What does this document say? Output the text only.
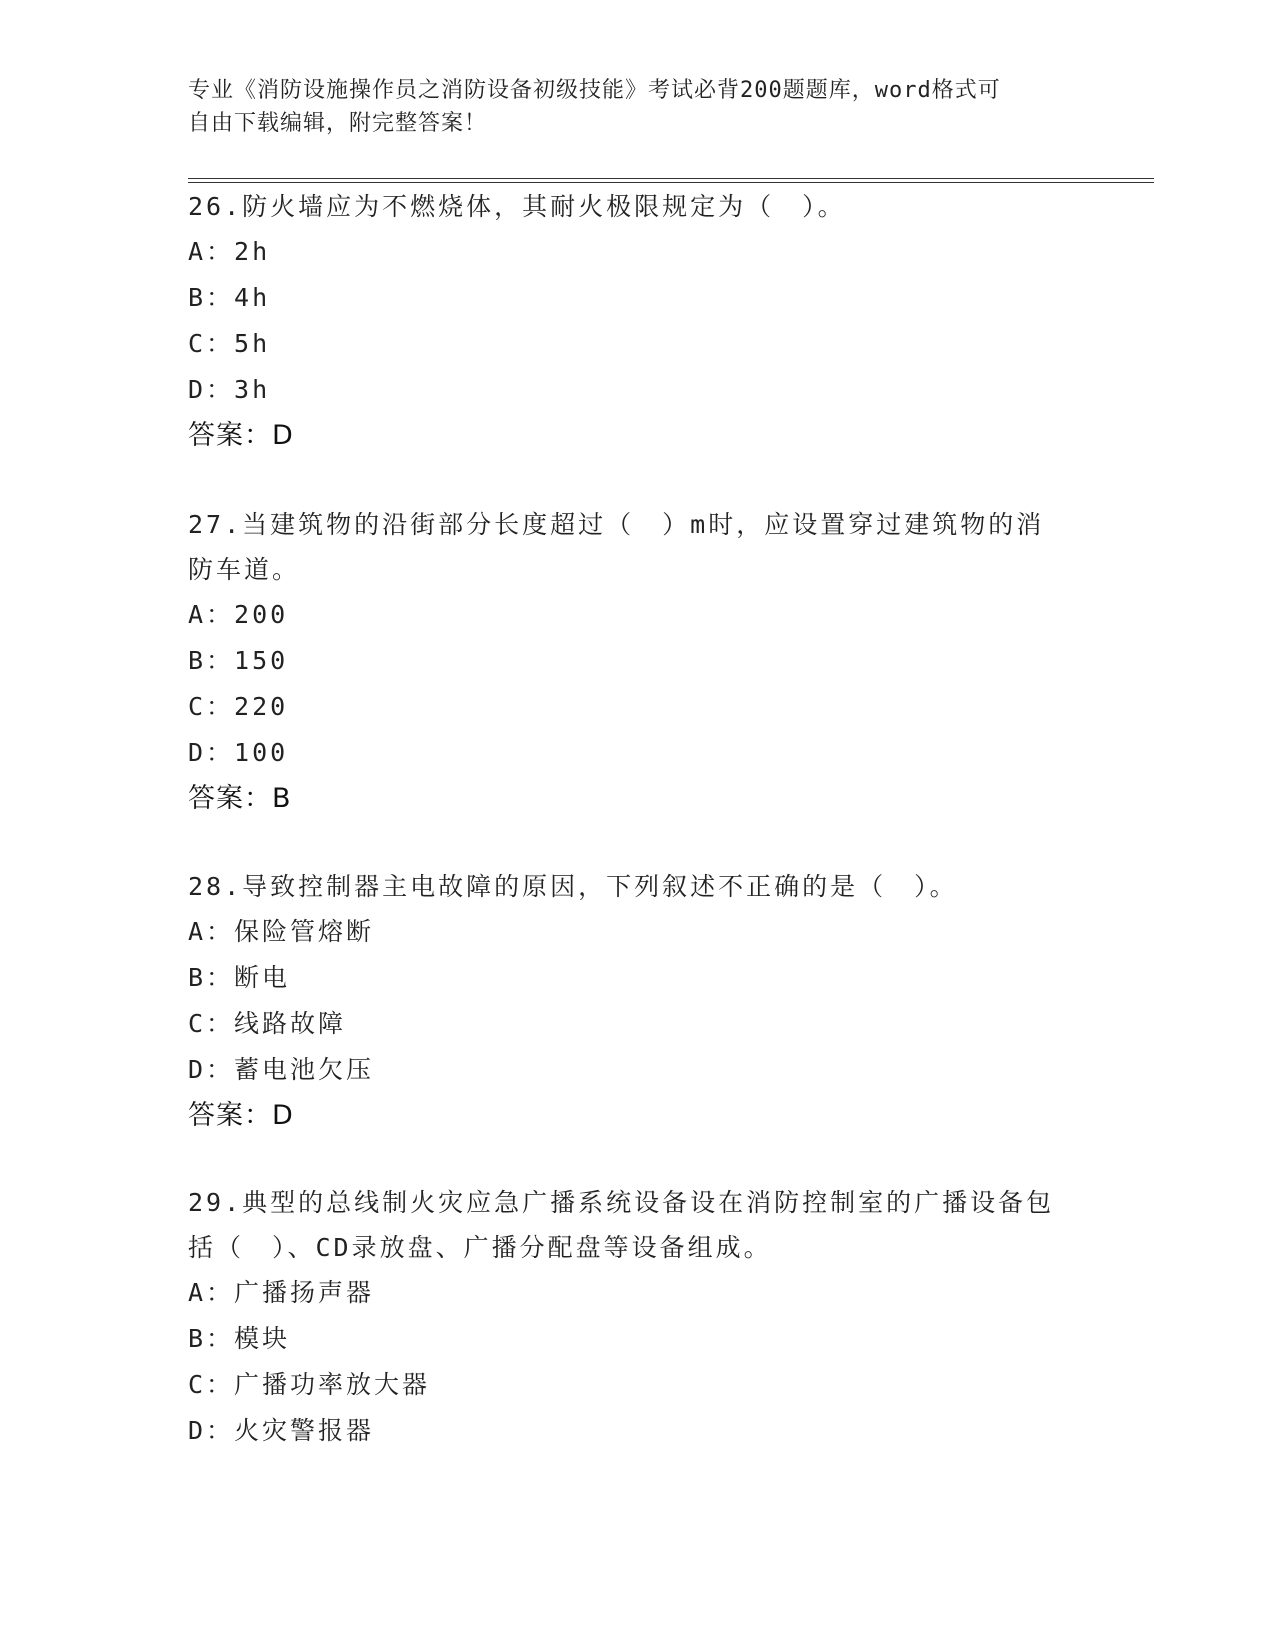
专业《消防设施操作员之消防设备初级技能》考试必背200题题库，word格式可
自由下载编辑，附完整答案！
26.防火墙应为不燃烧体，其耐火极限规定为（　）。
A：2h
B：4h
C：5h
D：3h
答案：D
27.当建筑物的沿街部分长度超过（　）m时，应设置穿过建筑物的消防车道。
A：200
B：150
C：220
D：100
答案：B
28.导致控制器主电故障的原因，下列叙述不正确的是（　）。
A：保险管熔断
B：断电
C：线路故障
D：蓄电池欠压
答案：D
29.典型的总线制火灾应急广播系统设备设在消防控制室的广播设备包括（　）、CD录放盘、广播分配盘等设备组成。
A：广播扬声器
B：模块
C：广播功率放大器
D：火灾警报器
